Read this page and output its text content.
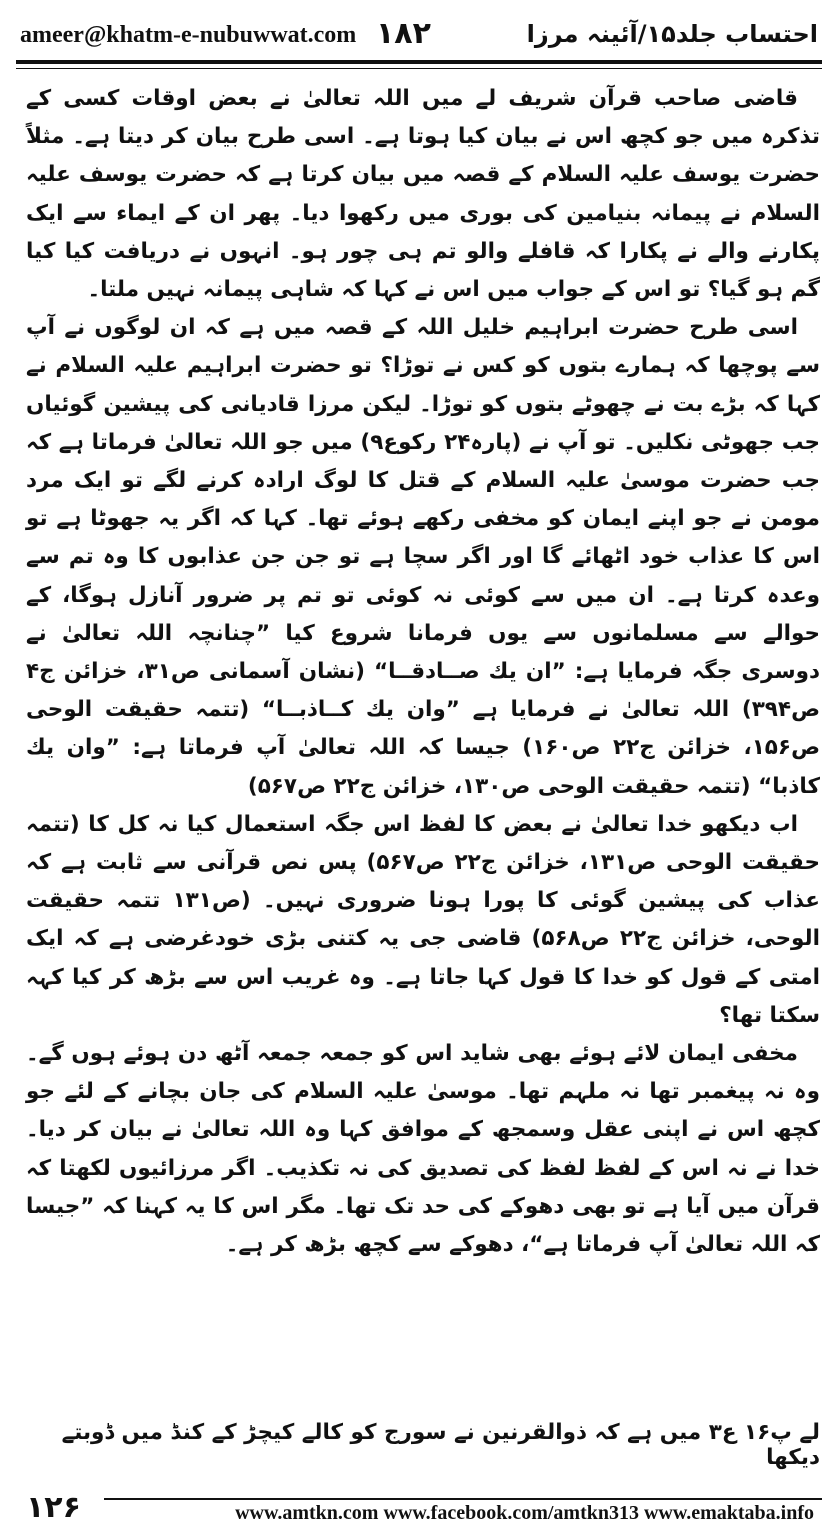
ameer@khatm-e-nubuwwat.com ۱۸۲	احتساب جلد۱۵/آئینہ مرزا

قاضی صاحب قرآن شریف لے میں اللہ تعالیٰ نے بعض اوقات کسی کے تذکرہ میں جو کچھ اس نے بیان کیا ہوتا ہے۔ اسی طرح بیان کر دیتا ہے۔ مثلاً حضرت یوسف علیہ السلام کے قصہ میں بیان کرتا ہے کہ حضرت یوسف علیہ السلام نے پیمانہ بنیامین کی بوری میں رکھوا دیا۔ پھر ان کے ایماء سے ایک پکارنے والے نے پکارا کہ قافلے والو تم ہی چور ہو۔ انہوں نے دریافت کیا کیا گم ہو گیا؟ تو اس کے جواب میں اس نے کہا کہ شاہی پیمانہ نہیں ملتا۔

اسی طرح حضرت ابراہیم خلیل اللہ کے قصہ میں ہے کہ ان لوگوں نے آپ سے پوچھا کہ ہمارے بتوں کو کس نے توڑا؟ تو حضرت ابراہیم علیہ السلام نے کہا کہ بڑے بت نے چھوٹے بتوں کو توڑا۔ لیکن مرزا قادیانی کی پیشین گوئیاں جب جھوٹی نکلیں۔ تو آپ نے (پارہ۲۴ رکوع۹) میں جو اللہ تعالیٰ فرماتا ہے کہ جب حضرت موسیٰ علیہ السلام کے قتل کا لوگ ارادہ کرنے لگے تو ایک مرد مومن نے جو اپنے ایمان کو مخفی رکھے ہوئے تھا۔ کہا کہ اگر یہ جھوٹا ہے تو اس کا عذاب خود اٹھائے گا اور اگر سچا ہے تو جن جن عذابوں کا وہ تم سے وعدہ کرتا ہے۔ ان میں سے کوئی نہ کوئی تو تم پر ضرور آنازل ہوگا، کے حوالے سے مسلمانوں سے یوں فرمانا شروع کیا ”چنانچہ اللہ تعالیٰ نے دوسری جگہ فرمایا ہے: ”ان یك صــادقــا“ (نشان آسمانی ص۳۱، خزائن ج۴ ص۳۹۴) اللہ تعالیٰ نے فرمایا ہے ”وان یك كــاذبــا“ (تتمہ حقیقت الوحی ص۱۵۶، خزائن ج۲۲ ص۱۶۰) جیسا کہ اللہ تعالیٰ آپ فرماتا ہے: ”وان یك كاذبا“ (تتمہ حقیقت الوحی ص۱۳۰، خزائن ج۲۲ ص۵۶۷)

اب دیکھو خدا تعالیٰ نے بعض کا لفظ اس جگہ استعمال کیا نہ کل کا (تتمہ حقیقت الوحی ص۱۳۱، خزائن ج۲۲ ص۵۶۷) پس نص قرآنی سے ثابت ہے کہ عذاب کی پیشین گوئی کا پورا ہونا ضروری نہیں۔ (ص۱۳۱ تتمہ حقیقت الوحی، خزائن ج۲۲ ص۵۶۸) قاضی جی یہ کتنی بڑی خودغرضی ہے کہ ایک امتی کے قول کو خدا کا قول کہا جاتا ہے۔ وہ غریب اس سے بڑھ کر کیا کہہ سکتا تھا؟

مخفی ایمان لائے ہوئے بھی شاید اس کو جمعہ جمعہ آٹھ دن ہوئے ہوں گے۔ وہ نہ پیغمبر تھا نہ ملہم تھا۔ موسیٰ علیہ السلام کی جان بچانے کے لئے جو کچھ اس نے اپنی عقل وسمجھ کے موافق کہا وہ اللہ تعالیٰ نے بیان کر دیا۔ خدا نے نہ اس کے لفظ لفظ کی تصدیق کی نہ تکذیب۔ اگر مرزائیوں لکھتا کہ قرآن میں آیا ہے تو بھی دھوکے کی حد تک تھا۔ مگر اس کا یہ کہنا کہ ”جیسا کہ اللہ تعالیٰ آپ فرماتا ہے“، دھوکے سے کچھ بڑھ کر ہے۔

لے پ۱۶ ع۳ میں ہے کہ ذوالقرنین نے سورج کو کالے کیچڑ کے کنڈ میں ڈوبتے دیکھا
۱۲۶	www.amtkn.com www.facebook.com/amtkn313 www.emaktaba.info
